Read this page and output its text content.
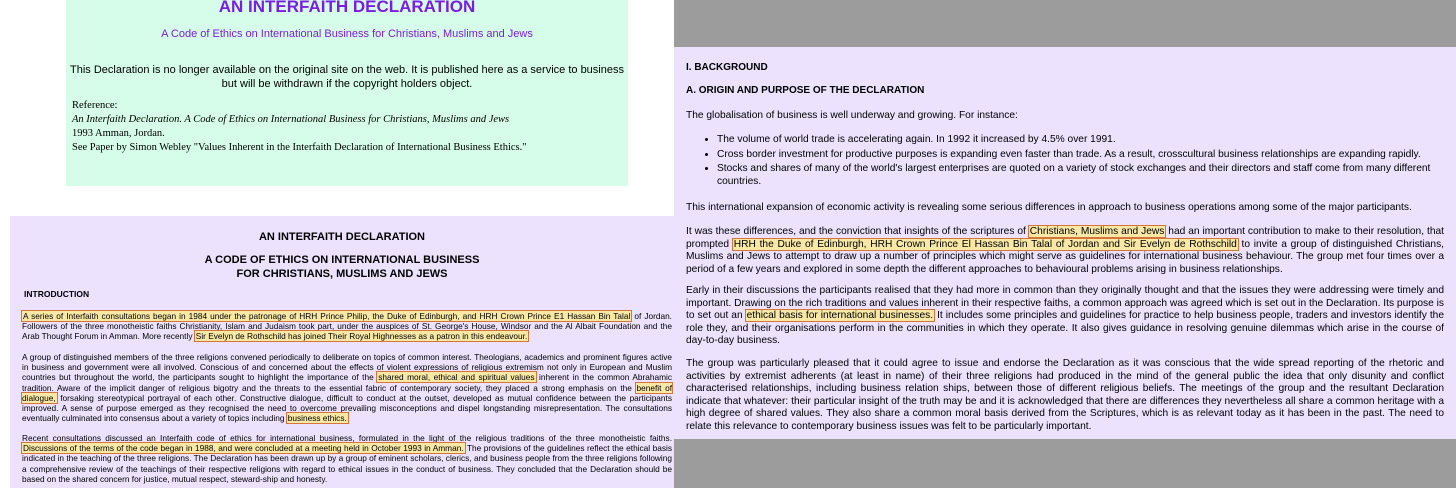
AN INTERFAITH DECLARATION
A Code of Ethics on International Business for Christians, Muslims and Jews
This Declaration is no longer available on the original site on the web. It is published here as a service to business
but will be withdrawn if the copyright holders object.
Reference:
An Interfaith Declaration. A Code of Ethics on International Business for Christians, Muslims and Jews
1993 Amman, Jordan.
See Paper by Simon Webley "Values Inherent in the Interfaith Declaration of International Business Ethics."
AN INTERFAITH DECLARATION
A CODE OF ETHICS ON INTERNATIONAL BUSINESS
FOR CHRISTIANS, MUSLIMS AND JEWS
INTRODUCTION
A series of Interfaith consultations began in 1984 under the patronage of HRH Prince Philip, the Duke of Edinburgh, and HRH Crown Prince E1 Hassan Bin Talal of Jordan. Followers of the three monotheistic faiths Christianity, Islam and Judaism took part, under the auspices of St. George's House, Windsor and the Al Albait Foundation and the Arab Thought Forum in Amman. More recently Sir Evelyn de Rothschild has joined Their Royal Highnesses as a patron in this endeavour.
A group of distinguished members of the three religions convened periodically to deliberate on topics of common interest. Theologians, academics and prominent figures active in business and government were all involved. Conscious of and concerned about the effects of violent expressions of religious extremism not only in European and Muslim countries but throughout the world, the participants sought to highlight the importance of the shared moral, ethical and spiritual values inherent in the common Abrahamic tradition. Aware of the implicit danger of religious bigotry and the threats to the essential fabric of contemporary society, they placed a strong emphasis on the benefit of dialogue, forsaking stereotypical portrayal of each other. Constructive dialogue, difficult to conduct at the outset, developed as mutual confidence between the participants improved. A sense of purpose emerged as they recognised the need to overcome prevailing misconceptions and dispel longstanding misrepresentation. The consultations eventually culminated into consensus about a variety of topics including business ethics.
Recent consultations discussed an Interfaith code of ethics for international business, formulated in the light of the religious traditions of the three monotheistic faiths. Discussions of the terms of the code began in 1988, and were concluded at a meeting held in October 1993 in Amman. The provisions of the guidelines reflect the ethical basis indicated in the teaching of the three religions. The Declaration has been drawn up by a group of eminent scholars, clerics, and business people from the three religions following a comprehensive review of the teachings of their respective religions with regard to ethical issues in the conduct of business. They concluded that the Declaration should be based on the shared concern for justice, mutual respect, steward-ship and honesty.
I. BACKGROUND
A. ORIGIN AND PURPOSE OF THE DECLARATION
The globalisation of business is well underway and growing. For instance:
• The volume of world trade is accelerating again. In 1992 it increased by 4.5% over 1991.
• Cross border investment for productive purposes is expanding even faster than trade. As a result, crosscultural business relationships are expanding rapidly.
• Stocks and shares of many of the world's largest enterprises are quoted on a variety of stock exchanges and their directors and staff come from many different countries.
This international expansion of economic activity is revealing some serious differences in approach to business operations among some of the major participants.
It was these differences, and the conviction that insights of the scriptures of Christians, Muslims and Jews had an important contribution to make to their resolution, that prompted HRH the Duke of Edinburgh, HRH Crown Prince El Hassan Bin Talal of Jordan and Sir Evelyn de Rothschild to invite a group of distinguished Christians, Muslims and Jews to attempt to draw up a number of principles which might serve as guidelines for international business behaviour. The group met four times over a period of a few years and explored in some depth the different approaches to behavioural problems arising in business relationships.
Early in their discussions the participants realised that they had more in common than they originally thought and that the issues they were addressing were timely and important. Drawing on the rich traditions and values inherent in their respective faiths, a common approach was agreed which is set out in the Declaration. Its purpose is to set out an ethical basis for international businesses. It includes some principles and guidelines for practice to help business people, traders and investors identify the role they, and their organisations perform in the communities in which they operate. It also gives guidance in resolving genuine dilemmas which arise in the course of day-to-day business.
The group was particularly pleased that it could agree to issue and endorse the Declaration as it was conscious that the wide spread reporting of the rhetoric and activities by extremist adherents (at least in name) of their three religions had produced in the mind of the general public the idea that only disunity and conflict characterised relationships, including business relation ships, between those of different religious beliefs. The meetings of the group and the resultant Declaration indicate that whatever: their particular insight of the truth may be and it is acknowledged that there are differences they nevertheless all share a common heritage with a high degree of shared values. They also share a common moral basis derived from the Scriptures, which is as relevant today as it has been in the past. The need to relate this relevance to contemporary business issues was felt to be particularly important.
